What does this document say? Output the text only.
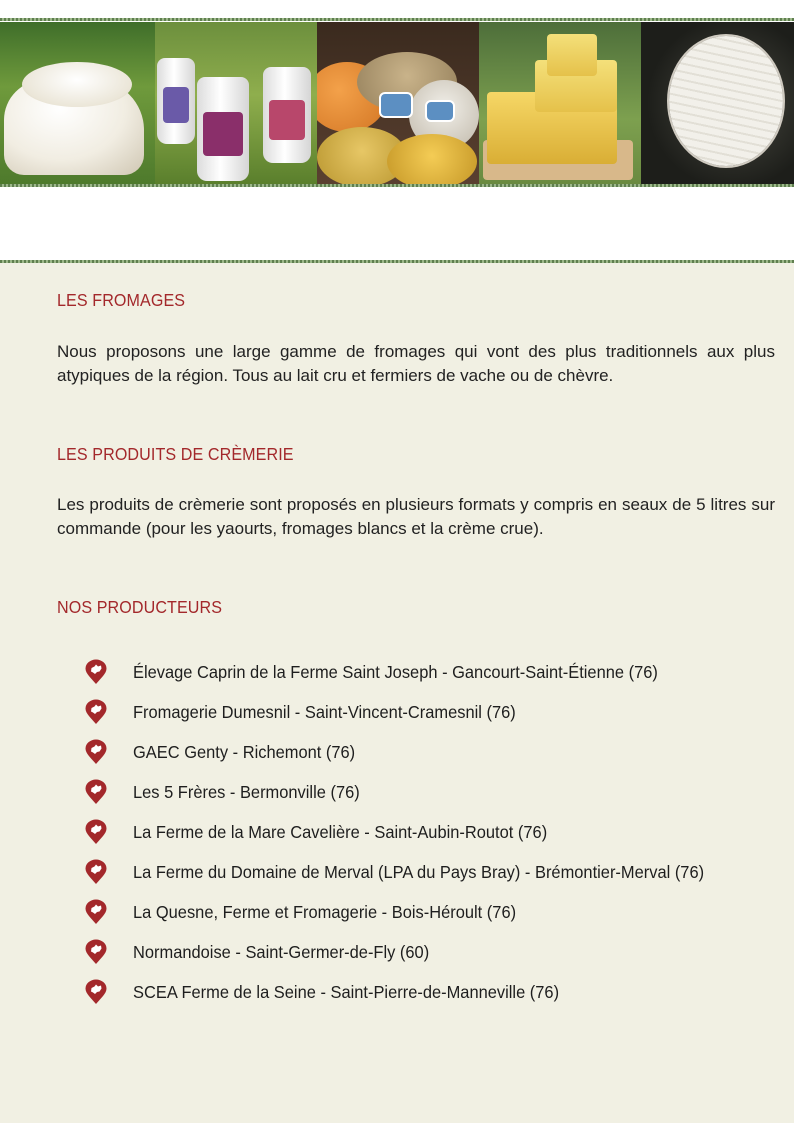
LES FROMAGES

Nous proposons une large gamme de fromages qui vont des plus traditionnels aux plus atypiques de la région. Tous au lait cru et fermiers de vache ou de chèvre.

LES PRODUITS DE CRÈMERIE

Les produits de crèmerie sont proposés en plusieurs formats y compris en seaux de 5 litres sur commande (pour les yaourts, fromages blancs et la crème crue).

NOS PRODUCTEURS
Élevage Caprin de la Ferme Saint Joseph - Gancourt-Saint-Étienne (76)
Fromagerie Dumesnil - Saint-Vincent-Cramesnil (76)
GAEC Genty - Richemont (76)
Les 5 Frères - Bermonville (76)
La Ferme de la Mare Cavelière - Saint-Aubin-Routot (76)
La Ferme du Domaine de Merval (LPA du Pays Bray) - Brémontier-Merval (76)
La Quesne, Ferme et Fromagerie - Bois-Héroult (76)
Normandoise - Saint-Germer-de-Fly (60)
SCEA Ferme de la Seine - Saint-Pierre-de-Manneville (76)
